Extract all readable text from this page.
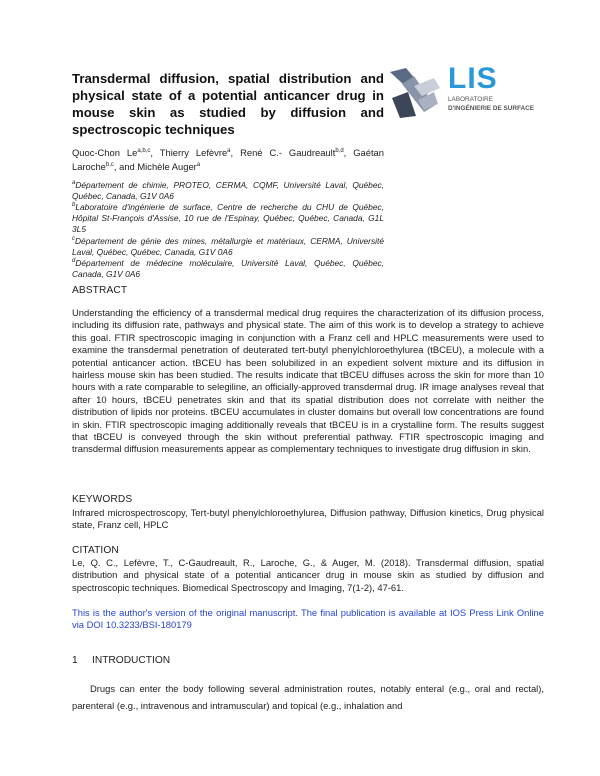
Transdermal diffusion, spatial distribution and physical state of a potential anticancer drug in mouse skin as studied by diffusion and spectroscopic techniques
LIS
LABORATOIRE
D'INGÉNIERIE DE SURFACE
Quoc-Chon Le$^{a,b,c}$, Thierry Lefèvre$^a$, René C.- Gaudreault$^{b,d}$, Gaétan Laroche$^{b,c}$, and Michèle Auger$^a$
$^a$Département de chimie, PROTEO, CERMA, CQMF, Université Laval, Québec, Québec, Canada, G1V 0A6
$^b$Laboratoire d'ingénierie de surface, Centre de recherche du CHU de Québec, Hôpital St-François d'Assise, 10 rue de l'Espinay, Québec, Québec, Canada, G1L 3L5
$^c$Département de génie des mines, métallurgie et matériaux, CERMA, Université Laval, Québec, Québec, Canada, G1V 0A6
$^d$Département de médecine moléculaire, Université Laval, Québec, Québec, Canada, G1V 0A6
ABSTRACT
Understanding the efficiency of a transdermal medical drug requires the characterization of its diffusion process, including its diffusion rate, pathways and physical state. The aim of this work is to develop a strategy to achieve this goal. FTIR spectroscopic imaging in conjunction with a Franz cell and HPLC measurements were used to examine the transdermal penetration of deuterated tert-butyl phenylchloroethylurea (tBCEU), a molecule with a potential anticancer action. tBCEU has been solubilized in an expedient solvent mixture and its diffusion in hairless mouse skin has been studied. The results indicate that tBCEU diffuses across the skin for more than 10 hours with a rate comparable to selegiline, an officially-approved transdermal drug. IR image analyses reveal that after 10 hours, tBCEU penetrates skin and that its spatial distribution does not correlate with neither the distribution of lipids nor proteins. tBCEU accumulates in cluster domains but overall low concentrations are found in skin. FTIR spectroscopic imaging additionally reveals that tBCEU is in a crystalline form. The results suggest that tBCEU is conveyed through the skin without preferential pathway. FTIR spectroscopic imaging and transdermal diffusion measurements appear as complementary techniques to investigate drug diffusion in skin.
KEYWORDS
Infrared microspectroscopy, Tert-butyl phenylchloroethylurea, Diffusion pathway, Diffusion kinetics, Drug physical state, Franz cell, HPLC
CITATION
Le, Q. C., Lefèvre, T., C-Gaudreault, R., Laroche, G., & Auger, M. (2018). Transdermal diffusion, spatial distribution and physical state of a potential anticancer drug in mouse skin as studied by diffusion and spectroscopic techniques. Biomedical Spectroscopy and Imaging, 7(1-2), 47-61.
This is the author's version of the original manuscript. The final publication is available at IOS Press Link Online via DOI 10.3233/BSI-180179
1 INTRODUCTION
Drugs can enter the body following several administration routes, notably enteral (e.g., oral and rectal), parenteral (e.g., intravenous and intramuscular) and topical (e.g., inhalation and
